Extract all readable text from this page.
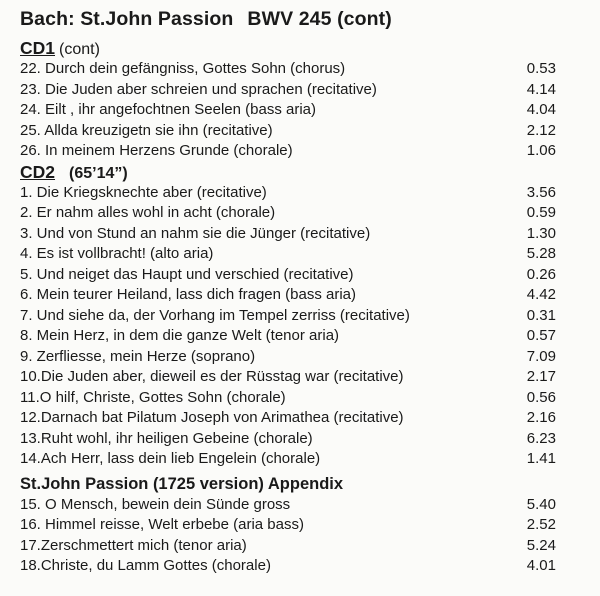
Bach: St.John Passion BWV 245 (cont)
CD1 (cont)
22. Durch dein gefängniss, Gottes Sohn (chorus)	0.53
23. Die Juden aber schreien und sprachen (recitative)	4.14
24. Eilt , ihr angefochtnen Seelen (bass aria)	4.04
25. Allda kreuzigetn sie ihn (recitative)	2.12
26. In meinem Herzens Grunde (chorale)	1.06
CD2 (65’14”)
1. Die Kriegsknechte aber (recitative)	3.56
2. Er nahm alles wohl in acht (chorale)	0.59
3. Und von Stund an nahm sie die Jünger (recitative)	1.30
4. Es ist vollbracht! (alto aria)	5.28
5. Und neiget das Haupt und verschied (recitative)	0.26
6. Mein teurer Heiland, lass dich fragen (bass aria)	4.42
7. Und siehe da, der Vorhang im Tempel zerriss (recitative)	0.31
8. Mein Herz, in dem die ganze Welt (tenor aria)	0.57
9. Zerfliesse, mein Herze (soprano)	7.09
10.Die Juden aber, dieweil es der Rüsstag war (recitative)	2.17
11.O hilf, Christe, Gottes Sohn (chorale)	0.56
12.Darnach bat Pilatum Joseph von Arimathea (recitative)	2.16
13.Ruht wohl, ihr heiligen Gebeine (chorale)	6.23
14.Ach Herr, lass dein lieb Engelein (chorale)	1.41
St.John Passion (1725 version) Appendix
15. O Mensch, bewein dein Sünde gross	5.40
16. Himmel reisse, Welt erbebe (aria bass)	2.52
17.Zerschmettert mich (tenor aria)	5.24
18.Christe, du Lamm Gottes (chorale)	4.01
